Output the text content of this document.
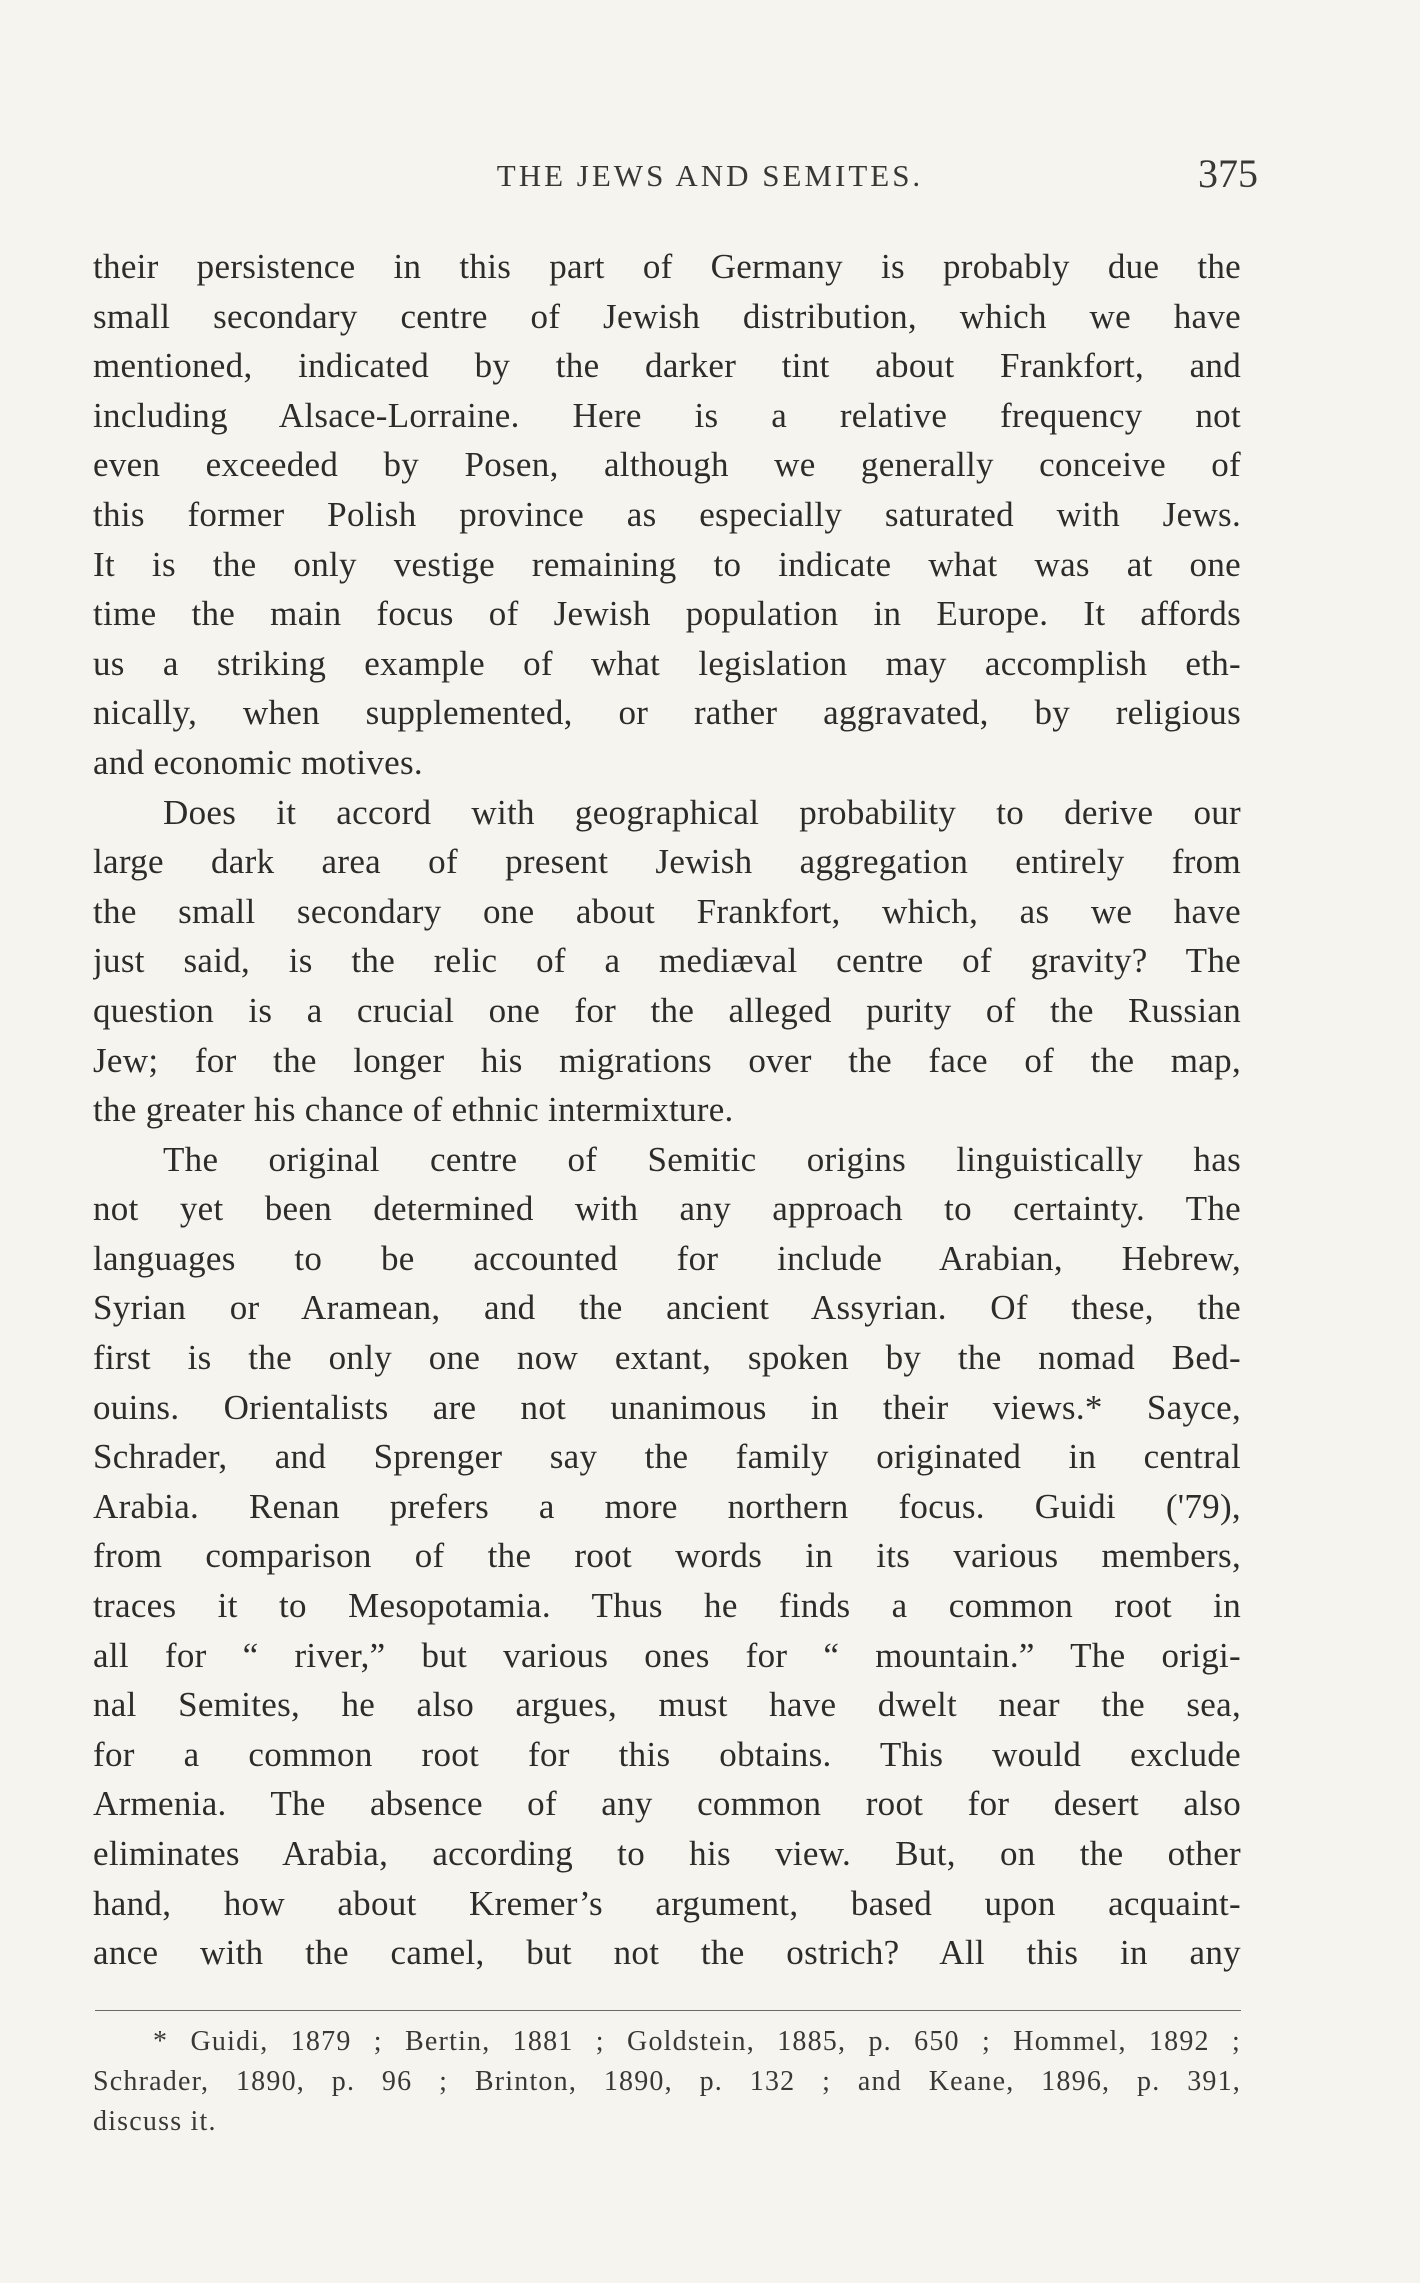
THE JEWS AND SEMITES.	375
their persistence in this part of Germany is probably due the
small secondary centre of Jewish distribution, which we have
mentioned, indicated by the darker tint about Frankfort, and
including Alsace-Lorraine. Here is a relative frequency not
even exceeded by Posen, although we generally conceive of
this former Polish province as especially saturated with Jews.
It is the only vestige remaining to indicate what was at one
time the main focus of Jewish population in Europe. It affords
us a striking example of what legislation may accomplish eth-
nically, when supplemented, or rather aggravated, by religious
and economic motives.
Does it accord with geographical probability to derive our
large dark area of present Jewish aggregation entirely from
the small secondary one about Frankfort, which, as we have
just said, is the relic of a mediæval centre of gravity? The
question is a crucial one for the alleged purity of the Russian
Jew; for the longer his migrations over the face of the map,
the greater his chance of ethnic intermixture.
The original centre of Semitic origins linguistically has
not yet been determined with any approach to certainty. The
languages to be accounted for include Arabian, Hebrew,
Syrian or Aramean, and the ancient Assyrian. Of these, the
first is the only one now extant, spoken by the nomad Bed-
ouins. Orientalists are not unanimous in their views.* Sayce,
Schrader, and Sprenger say the family originated in central
Arabia. Renan prefers a more northern focus. Guidi ('79),
from comparison of the root words in its various members,
traces it to Mesopotamia. Thus he finds a common root in
all for “ river,” but various ones for “ mountain.” The origi-
nal Semites, he also argues, must have dwelt near the sea,
for a common root for this obtains. This would exclude
Armenia. The absence of any common root for desert also
eliminates Arabia, according to his view. But, on the other
hand, how about Kremer’s argument, based upon acquaint-
ance with the camel, but not the ostrich? All this in any
* Guidi, 1879 ; Bertin, 1881 ; Goldstein, 1885, p. 650 ; Hommel, 1892 ;
Schrader, 1890, p. 96 ; Brinton, 1890, p. 132 ; and Keane, 1896, p. 391,
discuss it.
